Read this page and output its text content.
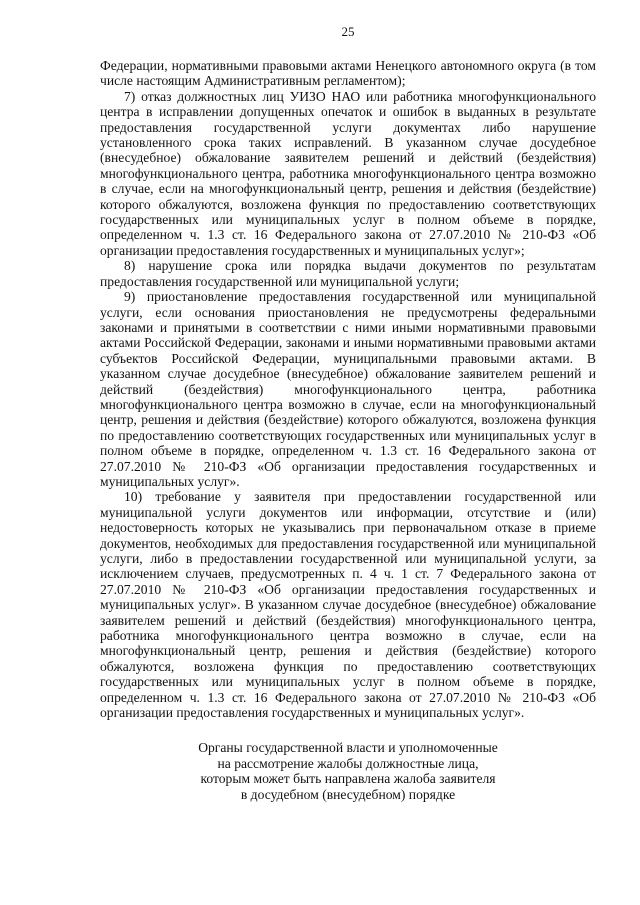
25

Федерации, нормативными правовыми актами Ненецкого автономного округа (в том числе настоящим Административным регламентом);

7) отказ должностных лиц УИЗО НАО или работника многофункционального центра в исправлении допущенных опечаток и ошибок в выданных в результате предоставления государственной услуги документах либо нарушение установленного срока таких исправлений. В указанном случае досудебное (внесудебное) обжалование заявителем решений и действий (бездействия) многофункционального центра, работника многофункционального центра возможно в случае, если на многофункциональный центр, решения и действия (бездействие) которого обжалуются, возложена функция по предоставлению соответствующих государственных или муниципальных услуг в полном объеме в порядке, определенном ч. 1.3 ст. 16 Федерального закона от 27.07.2010 № 210-ФЗ «Об организации предоставления государственных и муниципальных услуг»;

8) нарушение срока или порядка выдачи документов по результатам предоставления государственной или муниципальной услуги;

9) приостановление предоставления государственной или муниципальной услуги, если основания приостановления не предусмотрены федеральными законами и принятыми в соответствии с ними иными нормативными правовыми актами Российской Федерации, законами и иными нормативными правовыми актами субъектов Российской Федерации, муниципальными правовыми актами. В указанном случае досудебное (внесудебное) обжалование заявителем решений и действий (бездействия) многофункционального центра, работника многофункционального центра возможно в случае, если на многофункциональный центр, решения и действия (бездействие) которого обжалуются, возложена функция по предоставлению соответствующих государственных или муниципальных услуг в полном объеме в порядке, определенном ч. 1.3 ст. 16 Федерального закона от 27.07.2010 № 210-ФЗ «Об организации предоставления государственных и муниципальных услуг».

10) требование у заявителя при предоставлении государственной или муниципальной услуги документов или информации, отсутствие и (или) недостоверность которых не указывались при первоначальном отказе в приеме документов, необходимых для предоставления государственной или муниципальной услуги, либо в предоставлении государственной или муниципальной услуги, за исключением случаев, предусмотренных п. 4 ч. 1 ст. 7 Федерального закона от 27.07.2010 № 210-ФЗ «Об организации предоставления государственных и муниципальных услуг». В указанном случае досудебное (внесудебное) обжалование заявителем решений и действий (бездействия) многофункционального центра, работника многофункционального центра возможно в случае, если на многофункциональный центр, решения и действия (бездействие) которого обжалуются, возложена функция по предоставлению соответствующих государственных или муниципальных услуг в полном объеме в порядке, определенном ч. 1.3 ст. 16 Федерального закона от 27.07.2010 № 210-ФЗ «Об организации предоставления государственных и муниципальных услуг».

Органы государственной власти и уполномоченные
на рассмотрение жалобы должностные лица,
которым может быть направлена жалоба заявителя
в досудебном (внесудебном) порядке
